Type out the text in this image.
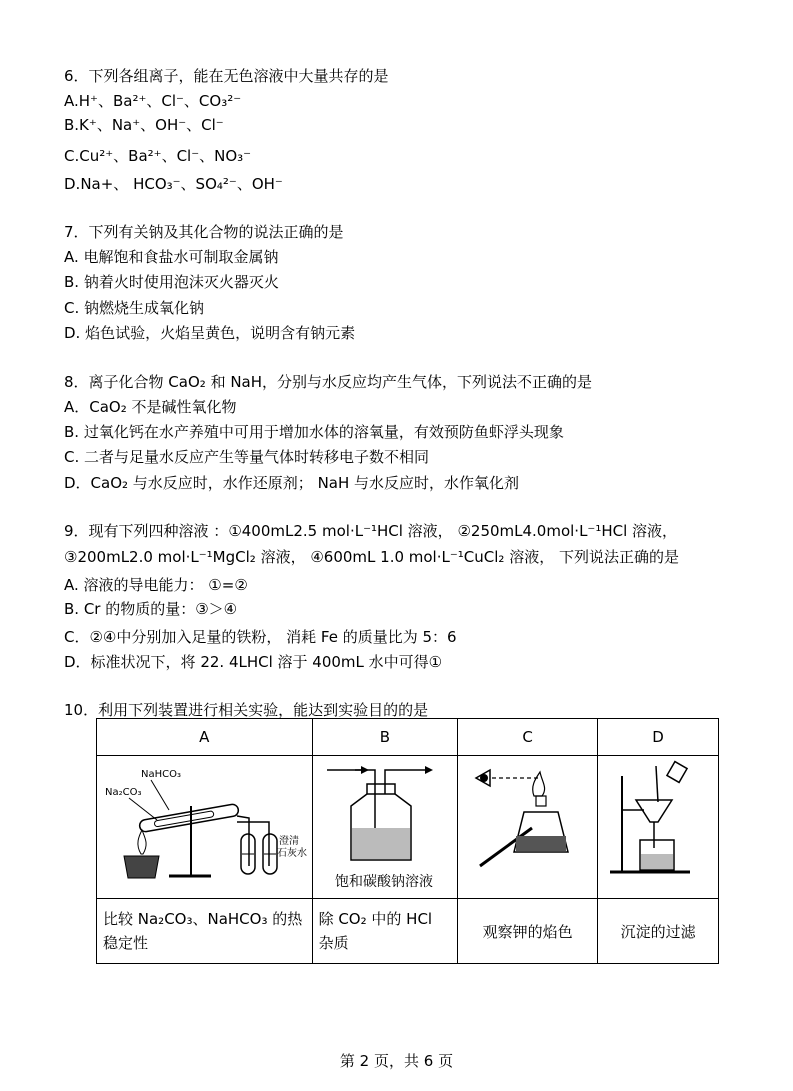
6．下列各组离子，能在无色溶液中大量共存的是
A.H⁺、Ba²⁺、Cl⁻、CO₃²⁻
B.K⁺、Na⁺、OH⁻、Cl⁻
C.Cu²⁺、Ba²⁺、Cl⁻、NO₃⁻
D.Na+、 HCO₃⁻、SO₄²⁻、OH⁻
7．下列有关钠及其化合物的说法正确的是
A. 电解饱和食盐水可制取金属钠
B. 钠着火时使用泡沫灭火器灭火
C. 钠燃烧生成氧化钠
D. 焰色试验，火焰呈黄色，说明含有钠元素
8．离子化合物 CaO₂ 和 NaH，分别与水反应均产生气体，下列说法不正确的是
A．CaO₂ 不是碱性氧化物
B. 过氧化钙在水产养殖中可用于增加水体的溶氧量，有效预防鱼虾浮头现象
C. 二者与足量水反应产生等量气体时转移电子数不相同
D．CaO₂ 与水反应时，水作还原剂； NaH 与水反应时，水作氧化剂
9．现有下列四种溶液 ：①400mL2.5 mol·L⁻¹HCl 溶液， ②250mL4.0mol·L⁻¹HCl 溶液，
③200mL2.0 mol·L⁻¹MgCl₂ 溶液， ④600mL 1.0 mol·L⁻¹CuCl₂ 溶液， 下列说法正确的是
A. 溶液的导电能力： ①=②
B. Cr 的物质的量：③＞④
C．②④中分别加入足量的铁粉， 消耗 Fe 的质量比为 5：6
D．标准状况下，将 22. 4LHCl 溶于 400mL 水中可得①
10．利用下列装置进行相关实验，能达到实验目的的是
A	B	C	D

NaHCO₃
Na₂CO₃
澄清
石灰水	饱和碳酸钠溶液

比较 Na₂CO₃、NaHCO₃ 的热稳定性	除 CO₂ 中的 HCl 杂质	观察钾的焰色	沉淀的过滤
第 2 页，共 6 页
